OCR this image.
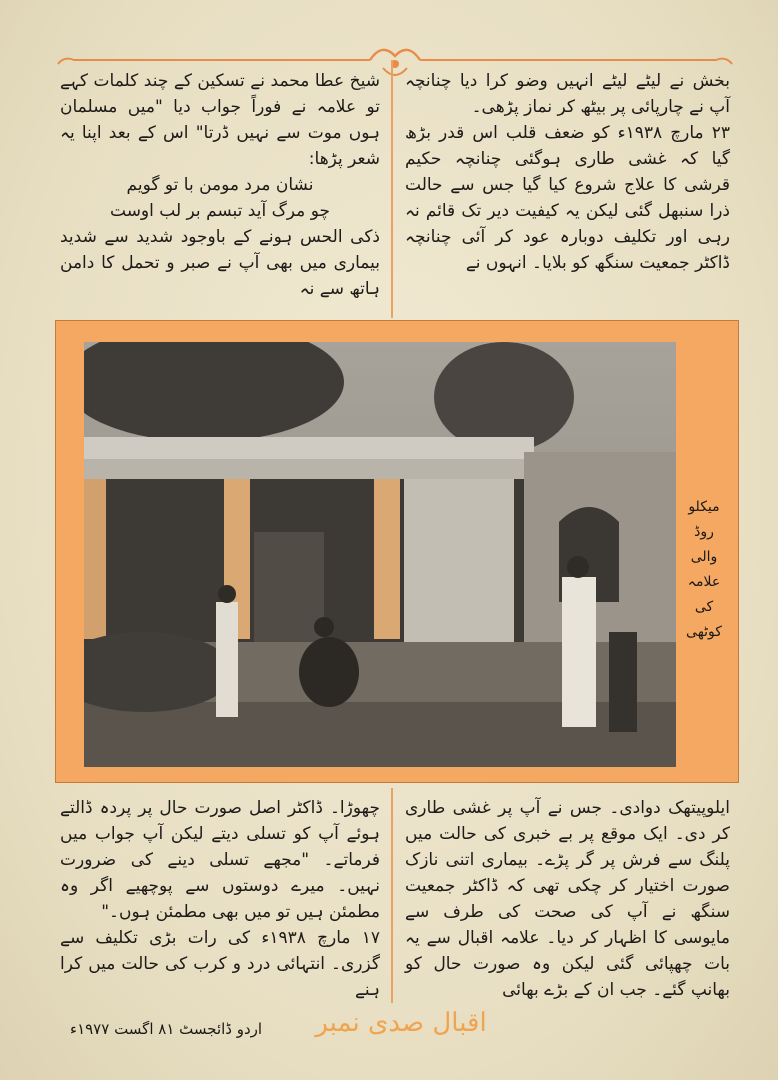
بخش نے لیٹے لیٹے انہیں وضو کرا دیا چنانچہ آپ نے چارپائی پر بیٹھ کر نماز پڑھی۔

۲۳ مارچ ۱۹۳۸ء کو ضعف قلب اس قدر بڑھ گیا کہ غشی طاری ہوگئی چنانچہ حکیم قرشی کا علاج شروع کیا گیا جس سے حالت ذرا سنبھل گئی لیکن یہ کیفیت دیر تک قائم نہ رہی اور تکلیف دوبارہ عود کر آئی چنانچہ ڈاکٹر جمعیت سنگھ کو بلایا۔ انہوں نے

شیخ عطا محمد نے تسکین کے چند کلمات کہے تو علامہ نے فوراً جواب دیا "میں مسلمان ہوں موت سے نہیں ڈرتا" اس کے بعد اپنا یہ شعر پڑھا:

نشان مرد مومن با تو گویم

چو مرگ آید تبسم بر لب اوست

ذکی الحس ہونے کے باوجود شدید سے شدید بیماری میں بھی آپ نے صبر و تحمل کا دامن ہاتھ سے نہ

میکلو
روڈ
والی
علامہ
کی
کوٹھی

ایلوپیتھک دوادی۔ جس نے آپ پر غشی طاری کر دی۔ ایک موقع پر بے خبری کی حالت میں پلنگ سے فرش پر گر پڑے۔ بیماری اتنی نازک صورت اختیار کر چکی تھی کہ ڈاکٹر جمعیت سنگھ نے آپ کی صحت کی طرف سے مایوسی کا اظہار کر دیا۔ علامہ اقبال سے یہ بات چھپائی گئی لیکن وہ صورت حال کو بھانپ گئے۔ جب ان کے بڑے بھائی

چھوڑا۔ ڈاکٹر اصل صورت حال پر پردہ ڈالتے ہوئے آپ کو تسلی دیتے لیکن آپ جواب میں فرماتے۔ "مجھے تسلی دینے کی ضرورت نہیں۔ میرے دوستوں سے پوچھیے اگر وہ مطمئن ہیں تو میں بھی مطمئن ہوں۔"

۱۷ مارچ ۱۹۳۸ء کی رات بڑی تکلیف سے گزری۔ انتہائی درد و کرب کی حالت میں کرا ہنے

اردو ڈائجسٹ ۸۱ اگست ۱۹۷۷ء	اقبال صدی نمبر
